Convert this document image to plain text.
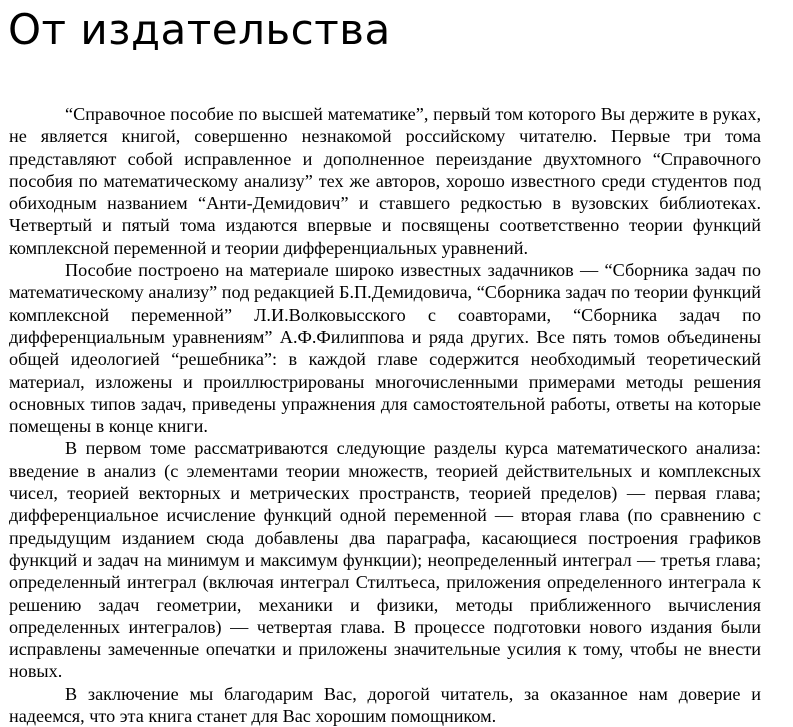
От издательства

“Справочное пособие по высшей математике”, первый том которого Вы держите в руках, не является книгой, совершенно незнакомой российскому читателю. Первые три тома представляют собой исправленное и дополненное переиздание двухтомного “Справочного пособия по математическому анализу” тех же авторов, хорошо известного среди студентов под обиходным названием “Анти-Демидович” и ставшего редкостью в вузовских библиотеках. Четвертый и пятый тома издаются впервые и посвящены соответственно теории функций комплексной переменной и теории дифференциальных уравнений.

Пособие построено на материале широко известных задачников — “Сборника задач по математическому анализу” под редакцией Б.П.Демидовича, “Сборника задач по теории функций комплексной переменной” Л.И.Волковысского с соавторами, “Сборника задач по дифференциальным уравнениям” А.Ф.Филиппова и ряда других. Все пять томов объединены общей идеологией “решебника”: в каждой главе содержится необходимый теоретический материал, изложены и проиллюстрированы многочисленными примерами методы решения основных типов задач, приведены упражнения для самостоятельной работы, ответы на которые помещены в конце книги.

В первом томе рассматриваются следующие разделы курса математического анализа: введение в анализ (с элементами теории множеств, теорией действительных и комплексных чисел, теорией векторных и метрических пространств, теорией пределов) — первая глава; дифференциальное исчисление функций одной переменной — вторая глава (по сравнению с предыдущим изданием сюда добавлены два параграфа, касающиеся построения графиков функций и задач на минимум и максимум функции); неопределенный интеграл — третья глава; определенный интеграл (включая интеграл Стилтьеса, приложения определенного интеграла к решению задач геометрии, механики и физики, методы приближенного вычисления определенных интегралов) — четвертая глава. В процессе подготовки нового издания были исправлены замеченные опечатки и приложены значительные усилия к тому, чтобы не внести новых.

В заключение мы благодарим Вас, дорогой читатель, за оказанное нам доверие и надеемся, что эта книга станет для Вас хорошим помощником.
